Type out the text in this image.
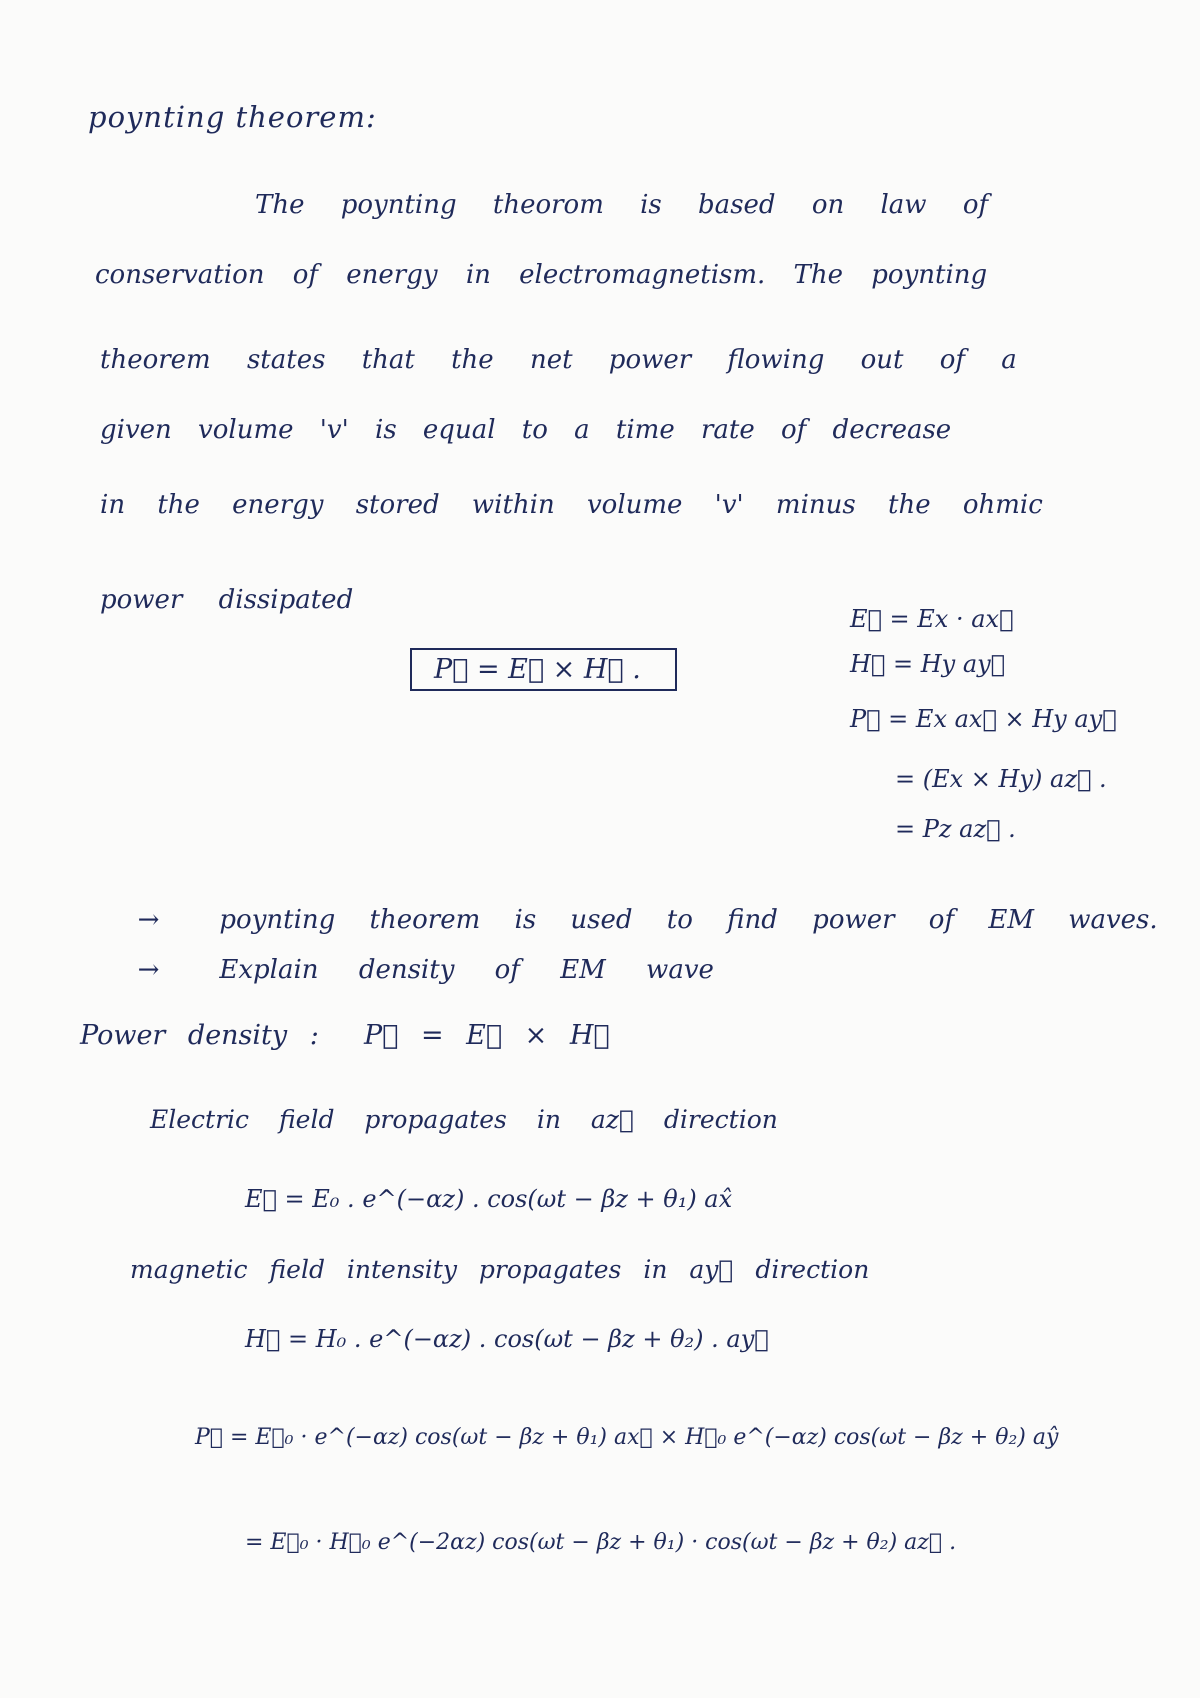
poynting theorem:
The poynting theorom is based on law of
conservation of energy in electromagnetism. The poynting
theorem states that the net power flowing out of a
given volume 'v' is equal to a time rate of decrease
in the energy stored within volume 'v' minus the ohmic
power dissipated
P⃗ = E⃗ × H⃗ .
E⃗ = Ex · ax⃗
H⃗ = Hy ay⃗
P⃗ = Ex ax⃗ × Hy ay⃗
= (Ex × Hy) az⃗ .
= Pz az⃗ .

→ poynting theorem is used to find power of EM waves.

→ Explain density of EM wave

Power density :  P⃗ = E⃗ × H⃗
Electric field propagates in az⃗ direction
E⃗ = E₀ . e^(−αz) . cos(ωt − βz + θ₁) ax̂
magnetic field intensity propagates in ay⃗ direction
H⃗ = H₀ . e^(−αz) . cos(ωt − βz + θ₂) . ay⃗
P⃗ = E⃗₀ · e^(−αz) cos(ωt − βz + θ₁) ax⃗ × H⃗₀ e^(−αz) cos(ωt − βz + θ₂) aŷ
= E⃗₀ · H⃗₀ e^(−2αz) cos(ωt − βz + θ₁) · cos(ωt − βz + θ₂) az⃗ .
